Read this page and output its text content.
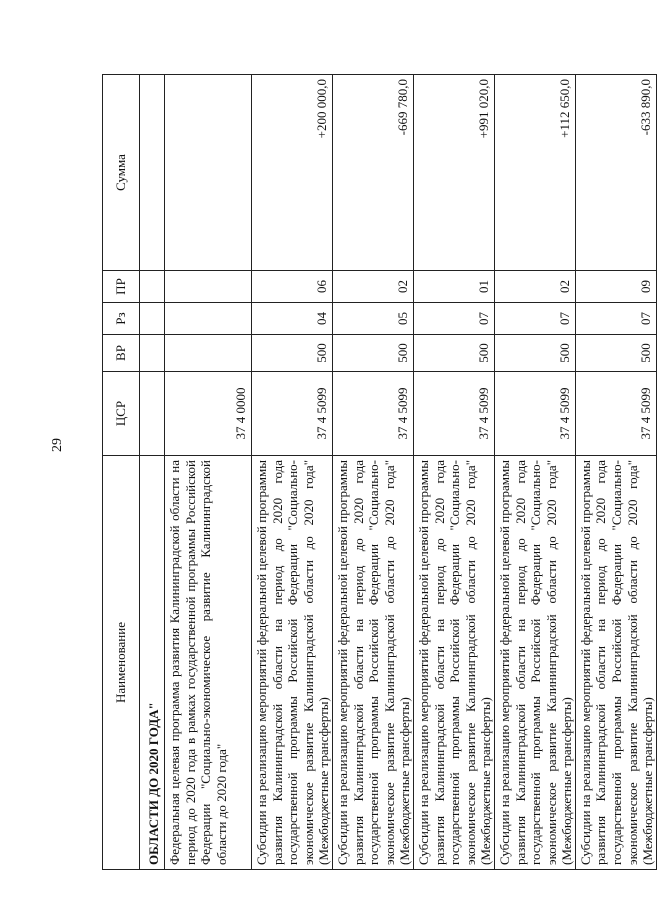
29
Наименование	ЦСР	ВР	Рз	ПР	Сумма
ОБЛАСТИ ДО 2020 ГОДА"					
Федеральная целевая программа развития Калининградской области на период до 2020 года в рамках государственной программы Российской Федерации "Социально-экономическое развитие Калининградской области до 2020 года"	37 4 0000				
Субсидии на реализацию мероприятий федеральной целевой программы развития Калининградской области на период до 2020 года государственной программы Российской Федерации "Социально-экономическое развитие Калининградской области до 2020 года" (Межбюджетные трансферты)	37 4 5099	500	04	06	+200 000,0
Субсидии на реализацию мероприятий федеральной целевой программы развития Калининградской области на период до 2020 года государственной программы Российской Федерации "Социально-экономическое развитие Калининградской области до 2020 года" (Межбюджетные трансферты)	37 4 5099	500	05	02	-669 780,0
Субсидии на реализацию мероприятий федеральной целевой программы развития Калининградской области на период до 2020 года государственной программы Российской Федерации "Социально-экономическое развитие Калининградской области до 2020 года" (Межбюджетные трансферты)	37 4 5099	500	07	01	+991 020,0
Субсидии на реализацию мероприятий федеральной целевой программы развития Калининградской области на период до 2020 года государственной программы Российской Федерации "Социально-экономическое развитие Калининградской области до 2020 года" (Межбюджетные трансферты)	37 4 5099	500	07	02	+112 650,0
Субсидии на реализацию мероприятий федеральной целевой программы развития Калининградской области на период до 2020 года государственной программы Российской Федерации "Социально-экономическое развитие Калининградской области до 2020 года" (Межбюджетные трансферты)	37 4 5099	500	07	09	-633 890,0
